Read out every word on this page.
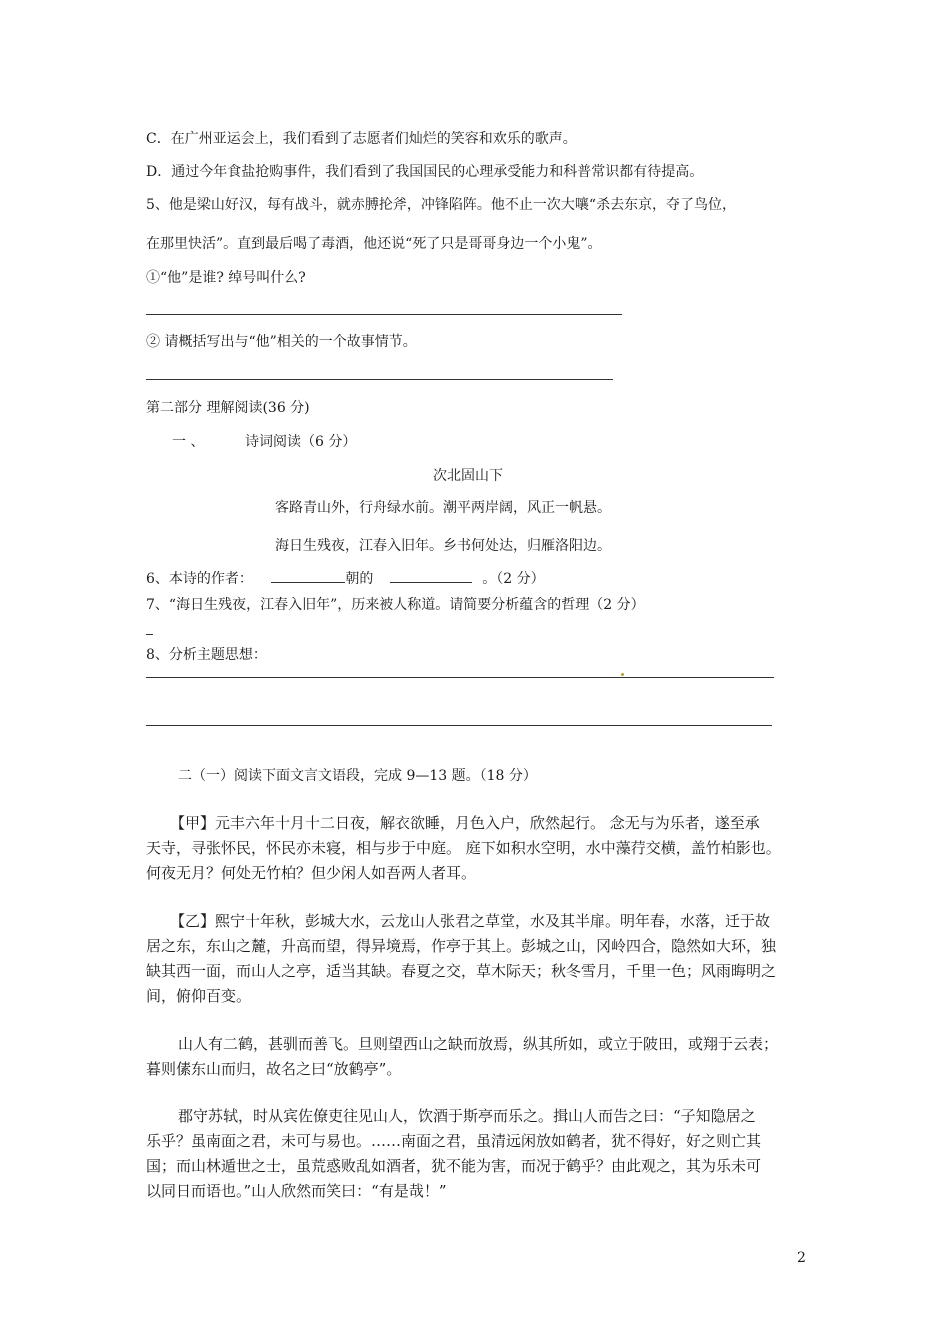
C．在广州亚运会上，我们看到了志愿者们灿烂的笑容和欢乐的歌声。
D．通过今年食盐抢购事件，我们看到了我国国民的心理承受能力和科普常识都有待提高。
5、他是梁山好汉，每有战斗，就赤膊抡斧，冲锋陷阵。他不止一次大嚷“杀去东京，夺了鸟位，
在那里快活”。直到最后喝了毒酒，他还说“死了只是哥哥身边一个小鬼”。
①“他”是谁? 绰号叫什么?
② 请概括写出与“他”相关的一个故事情节。
第二部分 理解阅读(36 分)
一 、	诗词阅读（6 分）
次北固山下
客路青山外，行舟绿水前。潮平两岸阔，风正一帆悬。
海日生残夜，江春入旧年。乡书何处达，归雁洛阳边。
6、本诗的作者：	朝的	。（2 分）
7、“海日生残夜，江春入旧年”，历来被人称道。请简要分析蕴含的哲理（2 分）
8、分析主题思想：
二（一）阅读下面文言文语段，完成 9—13 题。（18 分）
【甲】元丰六年十月十二日夜，解衣欲睡，月色入户，欣然起行。 念无与为乐者，遂至承
天寺，寻张怀民，怀民亦未寝，相与步于中庭。 庭下如积水空明，水中藻荇交横，盖竹柏影也。
何夜无月？何处无竹柏？但少闲人如吾两人者耳。
【乙】熙宁十年秋，彭城大水，云龙山人张君之草堂，水及其半扉。明年春，水落，迁于故
居之东，东山之麓，升高而望，得异境焉，作亭于其上。彭城之山，冈岭四合，隐然如大环，独
缺其西一面，而山人之亭，适当其缺。春夏之交，草木际天；秋冬雪月，千里一色；风雨晦明之
间，俯仰百变。
山人有二鹤，甚驯而善飞。旦则望西山之缺而放焉，纵其所如，或立于陂田，或翔于云表；
暮则傃东山而归，故名之曰“放鹤亭”。
郡守苏轼，时从宾佐僚吏往见山人，饮酒于斯亭而乐之。揖山人而告之曰：“子知隐居之
乐乎？虽南面之君，未可与易也。……南面之君，虽清远闲放如鹤者，犹不得好，好之则亡其
国；而山林遁世之士，虽荒惑败乱如酒者，犹不能为害，而况于鹤乎？由此观之，其为乐未可
以同日而语也。”山人欣然而笑曰：“有是哉！”
2
